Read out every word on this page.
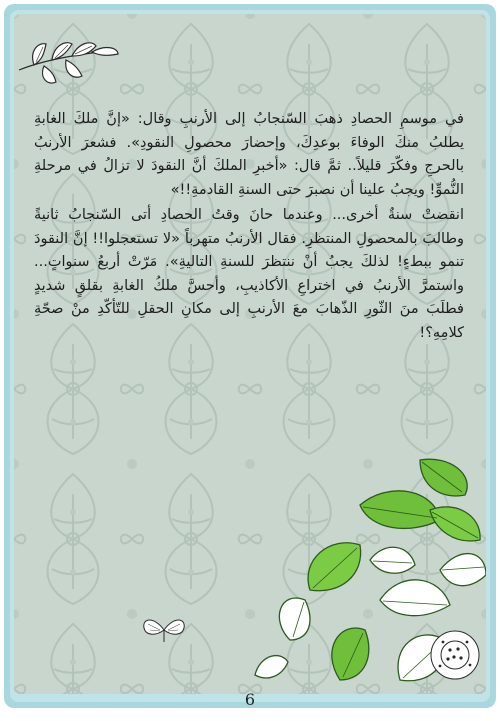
في موسمِ الحصادِ ذهبَ السّنجابُ إلى الأرنبِ وقال: «إنَّ ملكَ الغابةِ يطلبُ منكَ الوفاءَ بوعدِكَ، وإحضارَ محصولِ النقودِ». فشعرَ الأرنبُ بالحرجِ وفكّرَ قليلاً.. ثمَّ قال: «أخبرِ الملكَ أنَّ النقودَ لا تزالُ في مرحلةِ النُّموِّ! ويجبُ علينا أن نصبرَ حتى السنةِ القادمةِ!!»

انقضتْ سنةٌ أخرى... وعندما حانَ وقتُ الحصادِ أتى السّنجابُ ثانيةً وطالبَ بالمحصولِ المنتظرِ. فقال الأرنبُ متهرباً «لا تستعجلوا!! إنَّ النقودَ تنمو ببطءٍ! لذلكَ يجبُ أنْ ننتظرَ للسنةِ التاليةِ». مَرّتْ أربعُ سنواتٍ... واستمرَّ الأرنبُ في اختراعِ الأكاذيبِ، وأحسَّ ملكُ الغابةِ بقلقٍ شديدٍ فطلَبَ منَ الثّورِ الذّهابَ معَ الأرنبِ إلى مكانِ الحقلِ للتّأكّدِ منْ صحّةِ كلامِهِ؟!

6
